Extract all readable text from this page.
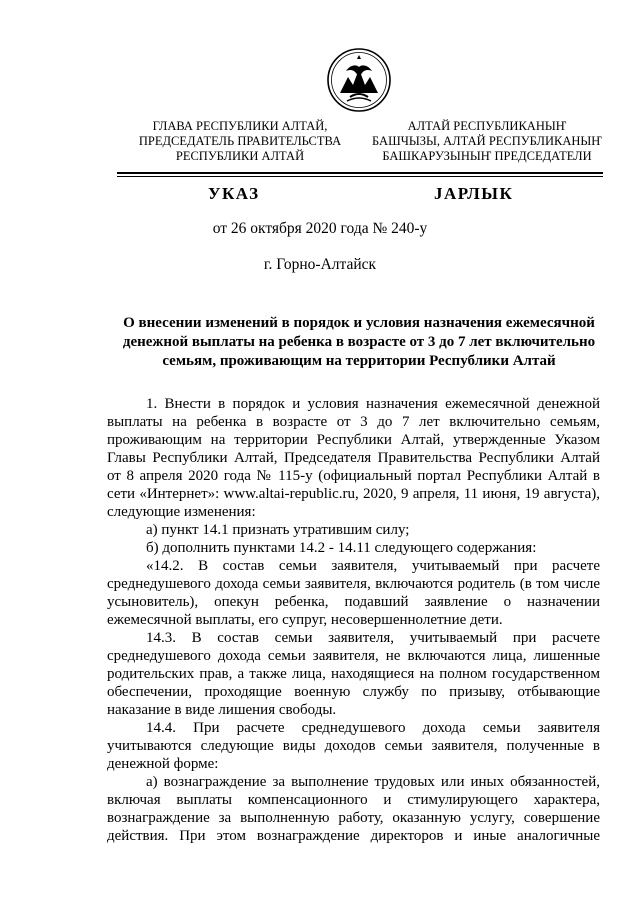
ГЛАВА РЕСПУБЛИКИ АЛТАЙ,
ПРЕДСЕДАТЕЛЬ ПРАВИТЕЛЬСТВА
РЕСПУБЛИКИ АЛТАЙ
АЛТАЙ РЕСПУБЛИКАНЫҤ
БАШЧЫЗЫ, АЛТАЙ РЕСПУБЛИКАНЫҤ
БАШКАРУЗЫНЫҤ ПРЕДСЕДАТЕЛИ
УКАЗ	JАРЛЫК
от 26 октября 2020 года № 240-у
г. Горно-Алтайск
О внесении изменений в порядок и условия назначения ежемесячной денежной выплаты на ребенка в возрасте от 3 до 7 лет включительно семьям, проживающим на территории Республики Алтай

1. Внести в порядок и условия назначения ежемесячной денежной выплаты на ребенка в возрасте от 3 до 7 лет включительно семьям, проживающим на территории Республики Алтай, утвержденные Указом Главы Республики Алтай, Председателя Правительства Республики Алтай от 8 апреля 2020 года № 115-у (официальный портал Республики Алтай в сети «Интернет»: www.altai-republic.ru, 2020, 9 апреля, 11 июня, 19 августа), следующие изменения:

а) пункт 14.1 признать утратившим силу;

б) дополнить пунктами 14.2 - 14.11 следующего содержания:

«14.2. В состав семьи заявителя, учитываемый при расчете среднедушевого дохода семьи заявителя, включаются родитель (в том числе усыновитель), опекун ребенка, подавший заявление о назначении ежемесячной выплаты, его супруг, несовершеннолетние дети.

14.3. В состав семьи заявителя, учитываемый при расчете среднедушевого дохода семьи заявителя, не включаются лица, лишенные родительских прав, а также лица, находящиеся на полном государственном обеспечении, проходящие военную службу по призыву, отбывающие наказание в виде лишения свободы.

14.4. При расчете среднедушевого дохода семьи заявителя учитываются следующие виды доходов семьи заявителя, полученные в денежной форме:

а) вознаграждение за выполнение трудовых или иных обязанностей, включая выплаты компенсационного и стимулирующего характера, вознаграждение за выполненную работу, оказанную услугу, совершение действия. При этом вознаграждение директоров и иные аналогичные
